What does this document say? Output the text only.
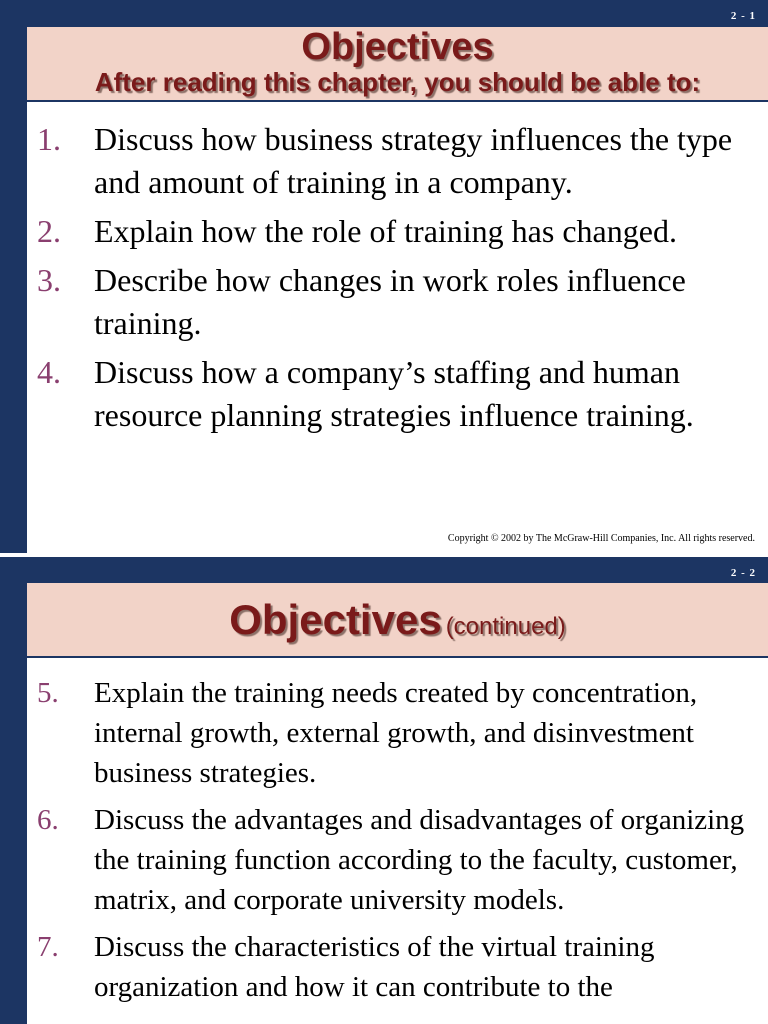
2 - 1
Objectives
After reading this chapter, you should be able to:
1.	Discuss how business strategy influences the type and amount of training in a company.
2.	Explain how the role of training has changed.
3.	Describe how changes in work roles influence training.
4.	Discuss how a company’s staffing and human resource planning strategies influence training.
Copyright © 2002 by The McGraw-Hill Companies, Inc. All rights reserved.
2 - 2
Objectives (continued)
5.	Explain the training needs created by concentration, internal growth, external growth, and disinvestment business strategies.
6.	Discuss the advantages and disadvantages of organizing the training function according to the faculty, customer, matrix, and corporate university models.
7.	Discuss the characteristics of the virtual training organization and how it can contribute to the
